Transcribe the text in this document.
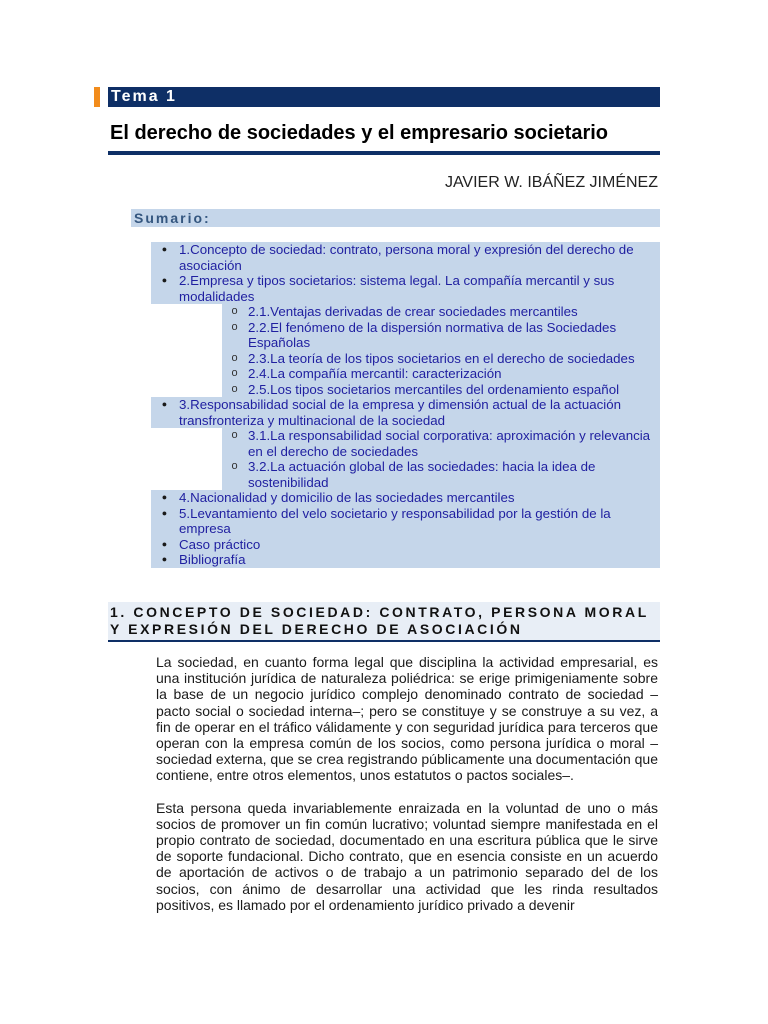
Tema 1
El derecho de sociedades y el empresario societario
JAVIER W. IBÁÑEZ JIMÉNEZ
Sumario:
● 1.Concepto de sociedad: contrato, persona moral y expresión del derecho de asociación
● 2.Empresa y tipos societarios: sistema legal. La compañía mercantil y sus modalidades
o 2.1.Ventajas derivadas de crear sociedades mercantiles
o 2.2.El fenómeno de la dispersión normativa de las Sociedades Españolas
o 2.3.La teoría de los tipos societarios en el derecho de sociedades
o 2.4.La compañía mercantil: caracterización
o 2.5.Los tipos societarios mercantiles del ordenamiento español
● 3.Responsabilidad social de la empresa y dimensión actual de la actuación transfronteriza y multinacional de la sociedad
o 3.1.La responsabilidad social corporativa: aproximación y relevancia en el derecho de sociedades
o 3.2.La actuación global de las sociedades: hacia la idea de sostenibilidad
● 4.Nacionalidad y domicilio de las sociedades mercantiles
● 5.Levantamiento del velo societario y responsabilidad por la gestión de la empresa
● Caso práctico
● Bibliografía
1. CONCEPTO DE SOCIEDAD: CONTRATO, PERSONA MORAL Y EXPRESIÓN DEL DERECHO DE ASOCIACIÓN

La sociedad, en cuanto forma legal que disciplina la actividad empresarial, es una institución jurídica de naturaleza poliédrica: se erige primigeniamente sobre la base de un negocio jurídico complejo denominado contrato de sociedad –pacto social o sociedad interna–; pero se constituye y se construye a su vez, a fin de operar en el tráfico válidamente y con seguridad jurídica para terceros que operan con la empresa común de los socios, como persona jurídica o moral –sociedad externa, que se crea registrando públicamente una documentación que contiene, entre otros elementos, unos estatutos o pactos sociales–.

Esta persona queda invariablemente enraizada en la voluntad de uno o más socios de promover un fin común lucrativo; voluntad siempre manifestada en el propio contrato de sociedad, documentado en una escritura pública que le sirve de soporte fundacional. Dicho contrato, que en esencia consiste en un acuerdo de aportación de activos o de trabajo a un patrimonio separado del de los socios, con ánimo de desarrollar una actividad que les rinda resultados positivos, es llamado por el ordenamiento jurídico privado a devenir
